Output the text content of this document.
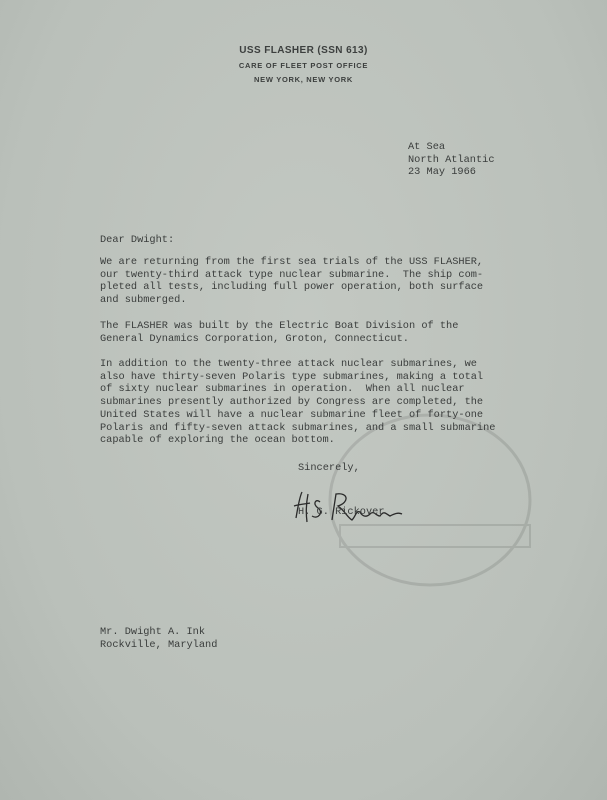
USS FLASHER (SSN 613)
CARE OF FLEET POST OFFICE
NEW YORK, NEW YORK
At Sea
North Atlantic
23 May 1966
Dear Dwight:
We are returning from the first sea trials of the USS FLASHER,
our twenty-third attack type nuclear submarine.  The ship com-
pleted all tests, including full power operation, both surface
and submerged.
The FLASHER was built by the Electric Boat Division of the
General Dynamics Corporation, Groton, Connecticut.
In addition to the twenty-three attack nuclear submarines, we
also have thirty-seven Polaris type submarines, making a total
of sixty nuclear submarines in operation.  When all nuclear
submarines presently authorized by Congress are completed, the
United States will have a nuclear submarine fleet of forty-one
Polaris and fifty-seven attack submarines, and a small submarine
capable of exploring the ocean bottom.
Sincerely,
H. G. Rickover
Mr. Dwight A. Ink
Rockville, Maryland
